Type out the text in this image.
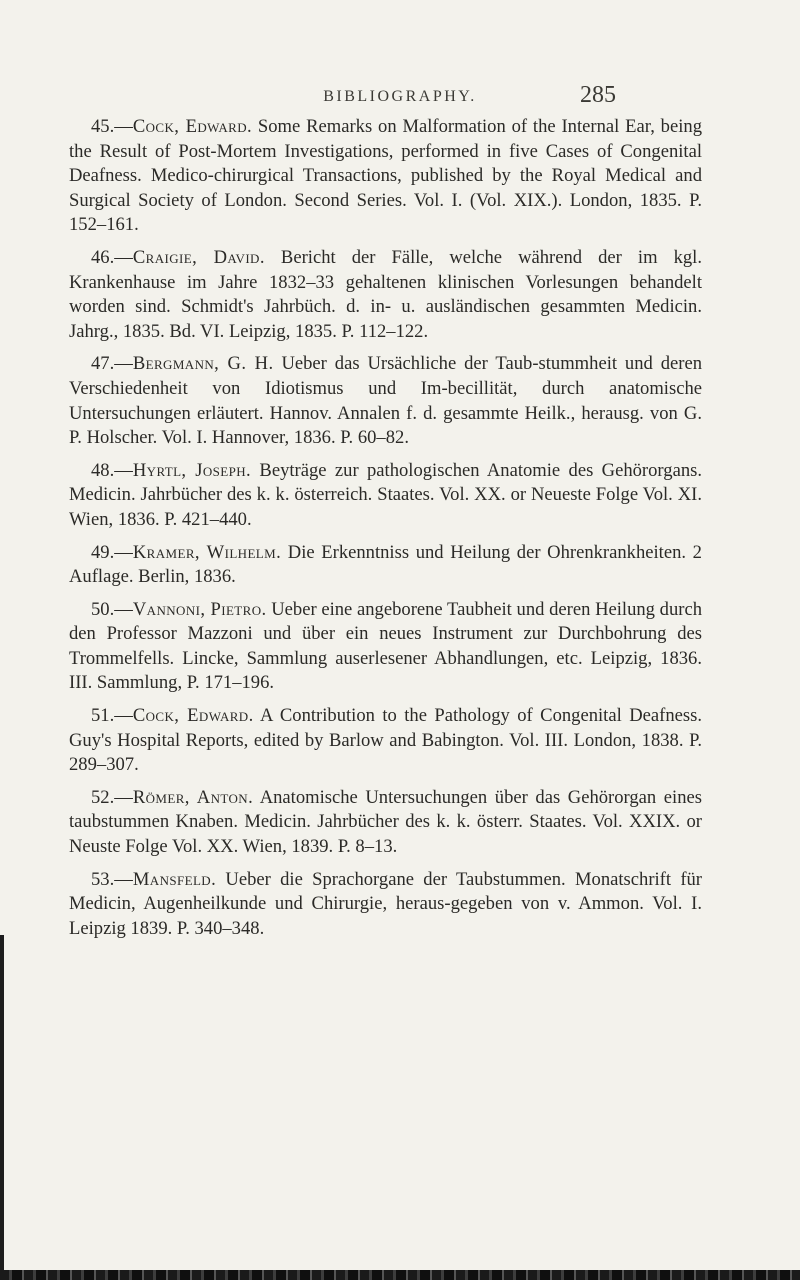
BIBLIOGRAPHY.	285

45.—Cock, Edward. Some Remarks on Malformation of the Internal Ear, being the Result of Post-Mortem Investigations, performed in five Cases of Congenital Deafness. Medico-chirurgical Transactions, published by the Royal Medical and Surgical Society of London. Second Series. Vol. I. (Vol. XIX.). London, 1835. P. 152–161.

46.—Craigie, David. Bericht der Fälle, welche während der im kgl. Krankenhause im Jahre 1832–33 gehaltenen klinischen Vorlesungen behandelt worden sind. Schmidt's Jahrbüch. d. in- u. ausländischen gesammten Medicin. Jahrg., 1835. Bd. VI. Leipzig, 1835. P. 112–122.

47.—Bergmann, G. H. Ueber das Ursächliche der Taub-stummheit und deren Verschiedenheit von Idiotismus und Im-becillität, durch anatomische Untersuchungen erläutert. Hannov. Annalen f. d. gesammte Heilk., herausg. von G. P. Holscher. Vol. I. Hannover, 1836. P. 60–82.

48.—Hyrtl, Joseph. Beyträge zur pathologischen Anatomie des Gehörorgans. Medicin. Jahrbücher des k. k. österreich. Staates. Vol. XX. or Neueste Folge Vol. XI. Wien, 1836. P. 421–440.

49.—Kramer, Wilhelm. Die Erkenntniss und Heilung der Ohrenkrankheiten. 2 Auflage. Berlin, 1836.

50.—Vannoni, Pietro. Ueber eine angeborene Taubheit und deren Heilung durch den Professor Mazzoni und über ein neues Instrument zur Durchbohrung des Trommelfells. Lincke, Sammlung auserlesener Abhandlungen, etc. Leipzig, 1836. III. Sammlung, P. 171–196.

51.—Cock, Edward. A Contribution to the Pathology of Congenital Deafness. Guy's Hospital Reports, edited by Barlow and Babington. Vol. III. London, 1838. P. 289–307.

52.—Römer, Anton. Anatomische Untersuchungen über das Gehörorgan eines taubstummen Knaben. Medicin. Jahrbücher des k. k. österr. Staates. Vol. XXIX. or Neuste Folge Vol. XX. Wien, 1839. P. 8–13.

53.—Mansfeld. Ueber die Sprachorgane der Taubstummen. Monatschrift für Medicin, Augenheilkunde und Chirurgie, heraus-gegeben von v. Ammon. Vol. I. Leipzig 1839. P. 340–348.
